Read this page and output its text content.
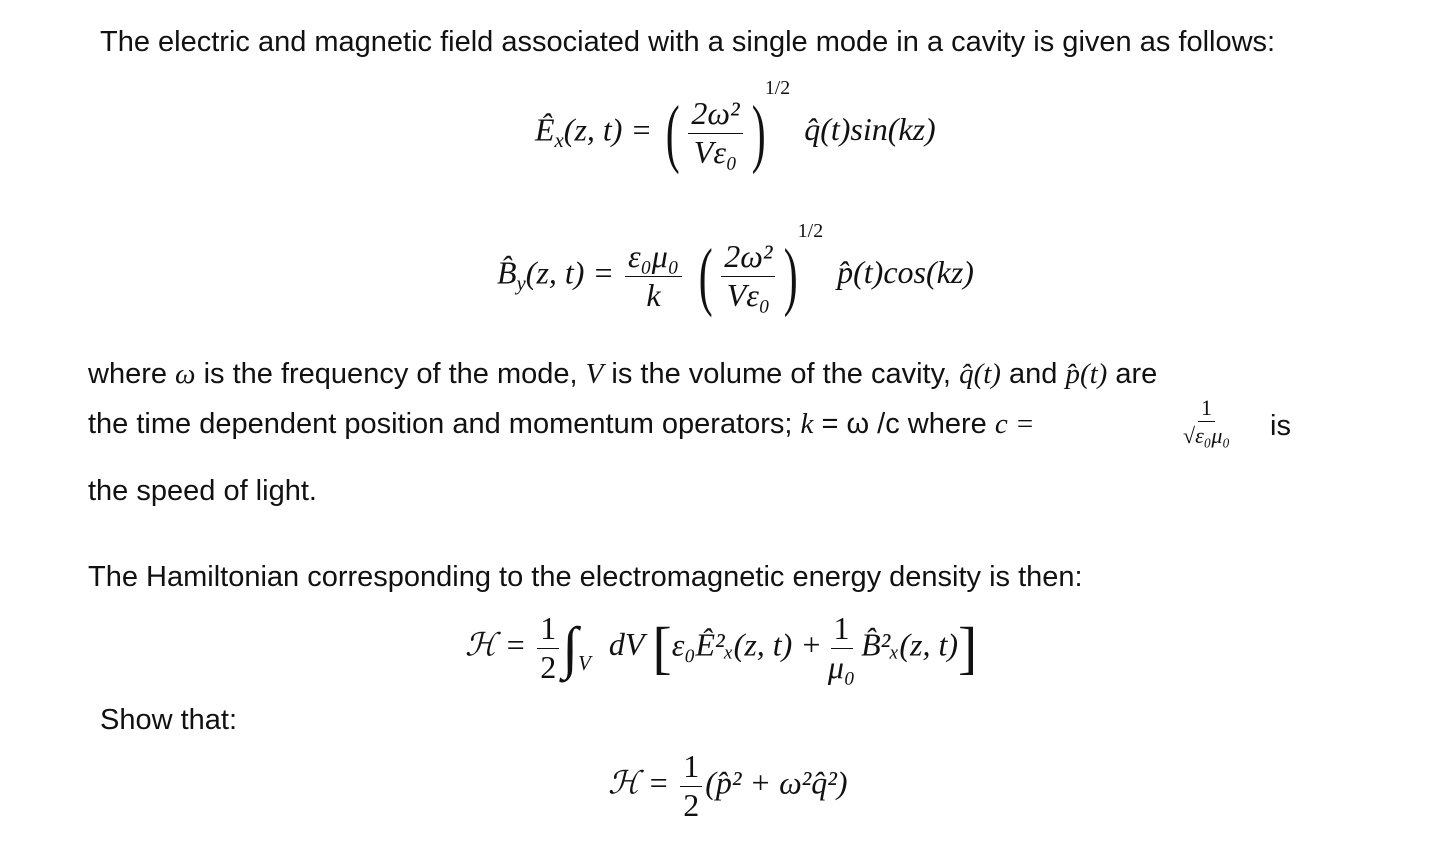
The electric and magnetic field associated with a single mode in a cavity is given as follows:
$Ê_x(z$, t) = ( $\frac{\text{2ω²}}{\text{Vε₀}} )^{1/2}$ q̂(t)sin(kz)
$B̂_y(z$, $t) = \frac{\text{ε₀μ₀}}{k}$ ( $\frac{\text{2ω²}}{\text{Vε₀}} )^{1/2}$ p̂(t)cos(kz)
where ω is the frequency of the mode, V is the volume of the cavity, q̂(t) and p̂(t) are
the time dependent position and momentum operators; k = ω /c where c =	$\frac{1}{\text{√ε₀μ₀}}$ is
the speed of light.
The Hamiltonian corresponding to the electromagnetic energy density is then:
ℋ = $\frac{1}{2} \int_V$ dV [ε₀Ê²ₓ(z, $t) + \frac{1}{\text{μ₀}}$ B̂²ₓ(z, t)]
Show that:
ℋ = $\frac{1}{2}$ (p̂² + ω²q̂²)
